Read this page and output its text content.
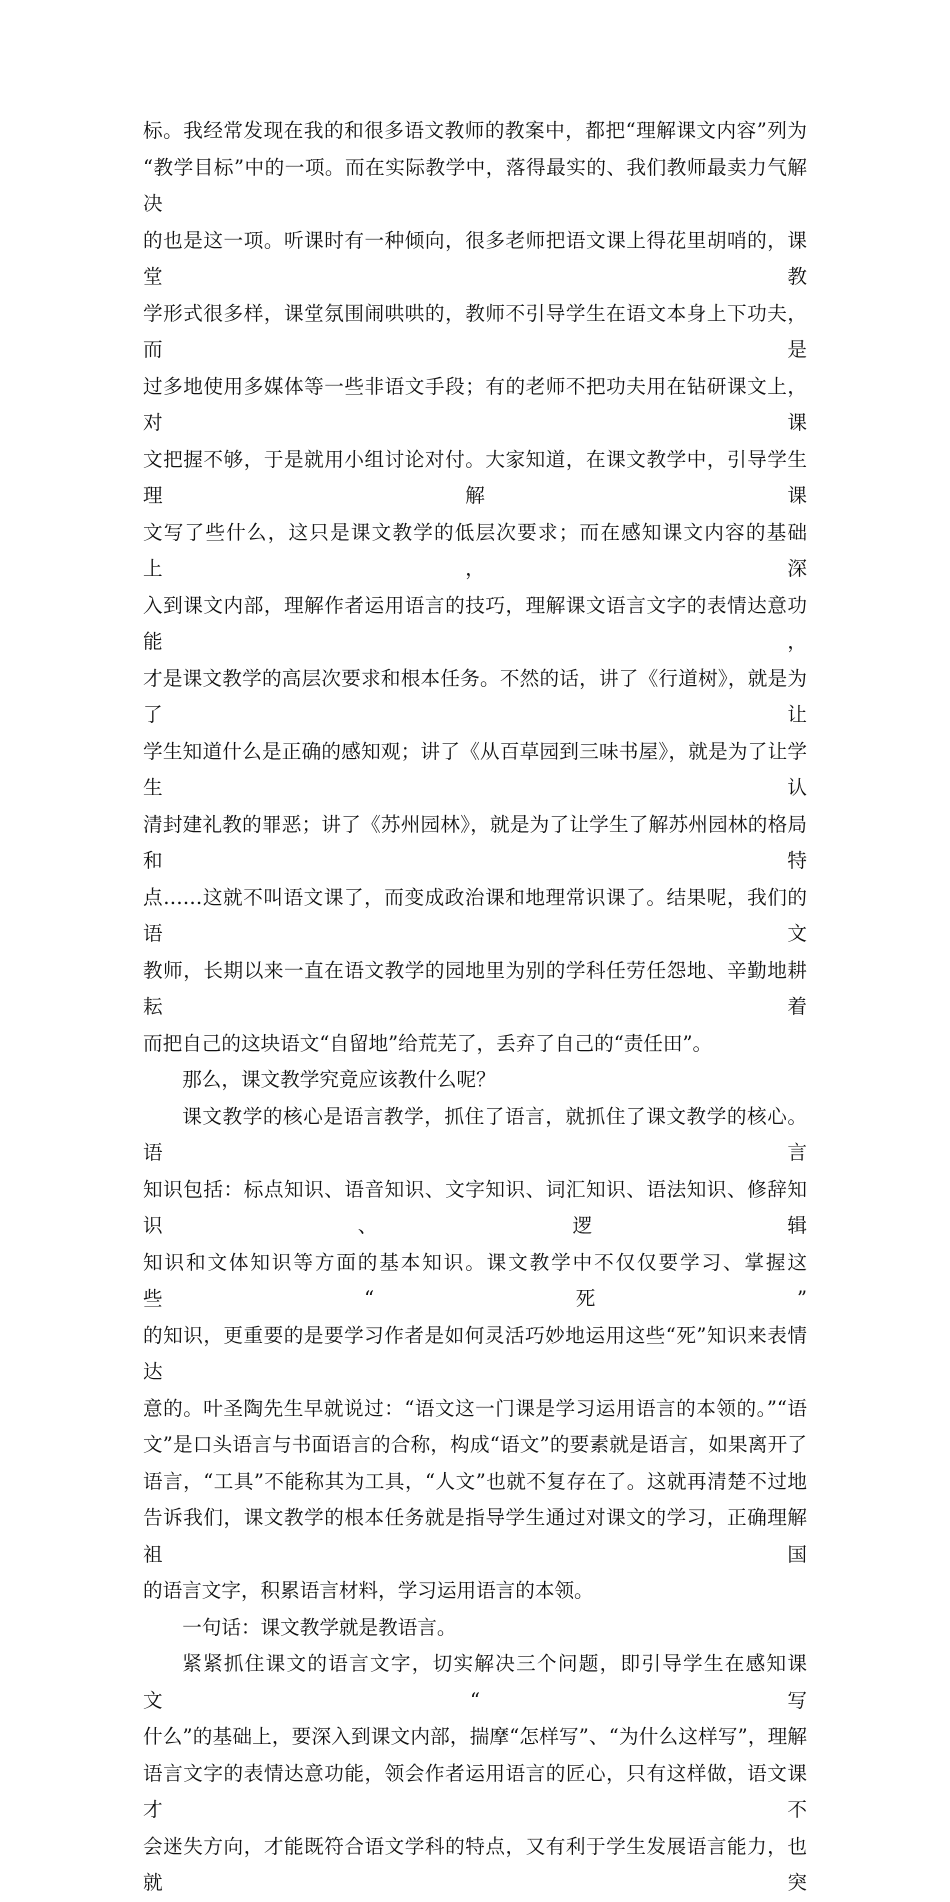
标。我经常发现在我的和很多语文教师的教案中，都把“理解课文内容”列为

“教学目标”中的一项。而在实际教学中，落得最实的、我们教师最卖力气解决

的也是这一项。听课时有一种倾向，很多老师把语文课上得花里胡哨的，课堂教

学形式很多样，课堂氛围闹哄哄的，教师不引导学生在语文本身上下功夫，而是

过多地使用多媒体等一些非语文手段；有的老师不把功夫用在钻研课文上，对课

文把握不够，于是就用小组讨论对付。大家知道，在课文教学中，引导学生理解课

文写了些什么，这只是课文教学的低层次要求；而在感知课文内容的基础上，深

入到课文内部，理解作者运用语言的技巧，理解课文语言文字的表情达意功能，

才是课文教学的高层次要求和根本任务。不然的话，讲了《行道树》，就是为了让

学生知道什么是正确的感知观；讲了《从百草园到三味书屋》，就是为了让学生认

清封建礼教的罪恶；讲了《苏州园林》，就是为了让学生了解苏州园林的格局和特

点……这就不叫语文课了，而变成政治课和地理常识课了。结果呢，我们的语文

教师，长期以来一直在语文教学的园地里为别的学科任劳任怨地、辛勤地耕耘着

而把自己的这块语文“自留地”给荒芜了，丢弃了自己的“责任田”。

那么，课文教学究竟应该教什么呢？

课文教学的核心是语言教学，抓住了语言，就抓住了课文教学的核心。语言

知识包括：标点知识、语音知识、文字知识、词汇知识、语法知识、修辞知识、逻辑

知识和文体知识等方面的基本知识。课文教学中不仅仅要学习、掌握这些“死”

的知识，更重要的是要学习作者是如何灵活巧妙地运用这些“死”知识来表情达

意的。叶圣陶先生早就说过：“语文这一门课是学习运用语言的本领的。”“语

文”是口头语言与书面语言的合称，构成“语文”的要素就是语言，如果离开了

语言，“工具”不能称其为工具，“人文”也就不复存在了。这就再清楚不过地

告诉我们，课文教学的根本任务就是指导学生通过对课文的学习，正确理解祖国

的语言文字，积累语言材料，学习运用语言的本领。

一句话：课文教学就是教语言。

紧紧抓住课文的语言文字，切实解决三个问题，即引导学生在感知课文“写

什么”的基础上，要深入到课文内部，揣摩“怎样写”、“为什么这样写”，理解

语言文字的表情达意功能，领会作者运用语言的匠心，只有这样做，语文课才不

会迷失方向，才能既符合语文学科的特点，又有利于学生发展语言能力，也就突
